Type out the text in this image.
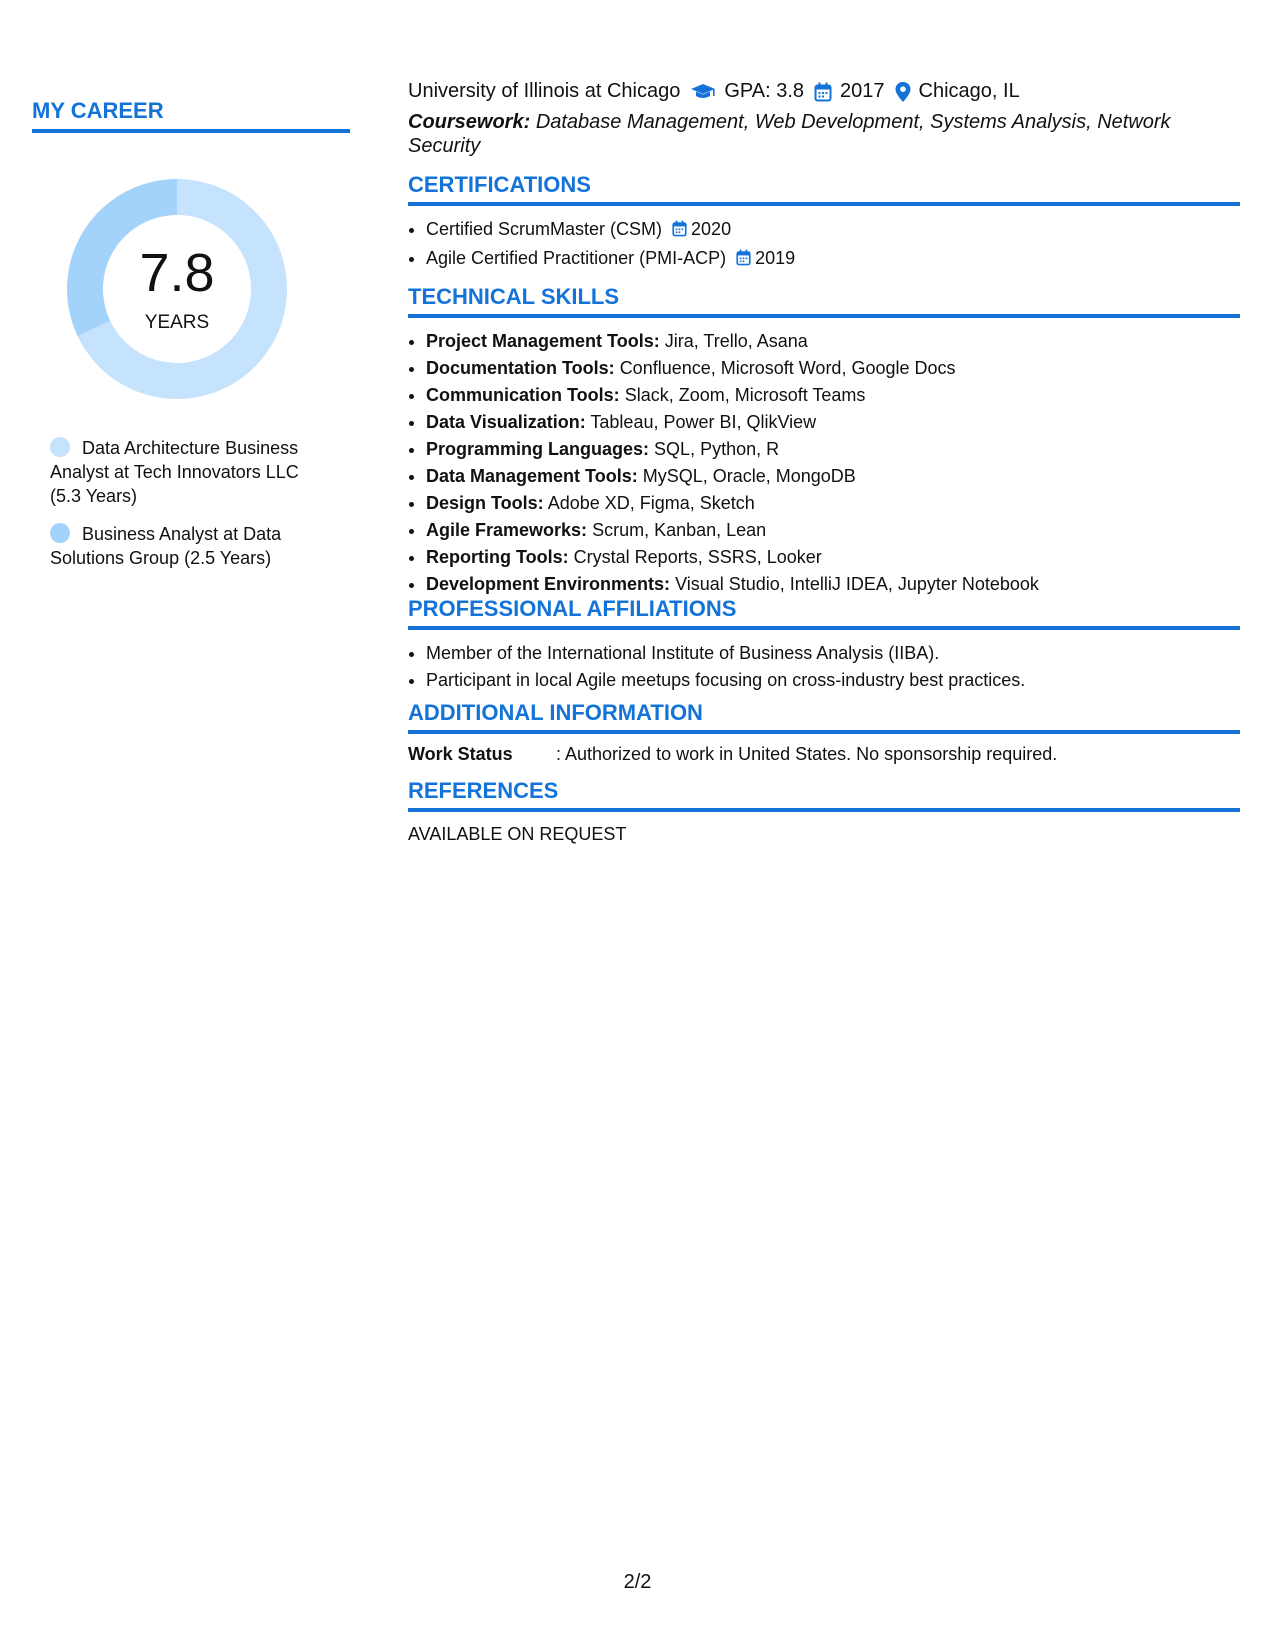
MY CAREER
7.8
YEARS
Data Architecture Business Analyst at Tech Innovators LLC (5.3 Years)
Business Analyst at Data Solutions Group (2.5 Years)
University of Illinois at Chicago GPA: 3.8 2017 Chicago, IL
Coursework: Database Management, Web Development, Systems Analysis, Network Security
CERTIFICATIONS
• Certified ScrumMaster (CSM) 2020
• Agile Certified Practitioner (PMI-ACP) 2019
TECHNICAL SKILLS
• Project Management Tools: Jira, Trello, Asana
• Documentation Tools: Confluence, Microsoft Word, Google Docs
• Communication Tools: Slack, Zoom, Microsoft Teams
• Data Visualization: Tableau, Power BI, QlikView
• Programming Languages: SQL, Python, R
• Data Management Tools: MySQL, Oracle, MongoDB
• Design Tools: Adobe XD, Figma, Sketch
• Agile Frameworks: Scrum, Kanban, Lean
• Reporting Tools: Crystal Reports, SSRS, Looker
• Development Environments: Visual Studio, IntelliJ IDEA, Jupyter Notebook
PROFESSIONAL AFFILIATIONS
• Member of the International Institute of Business Analysis (IIBA).
• Participant in local Agile meetups focusing on cross-industry best practices.
ADDITIONAL INFORMATION
Work Status : Authorized to work in United States. No sponsorship required.
REFERENCES
AVAILABLE ON REQUEST
2/2
